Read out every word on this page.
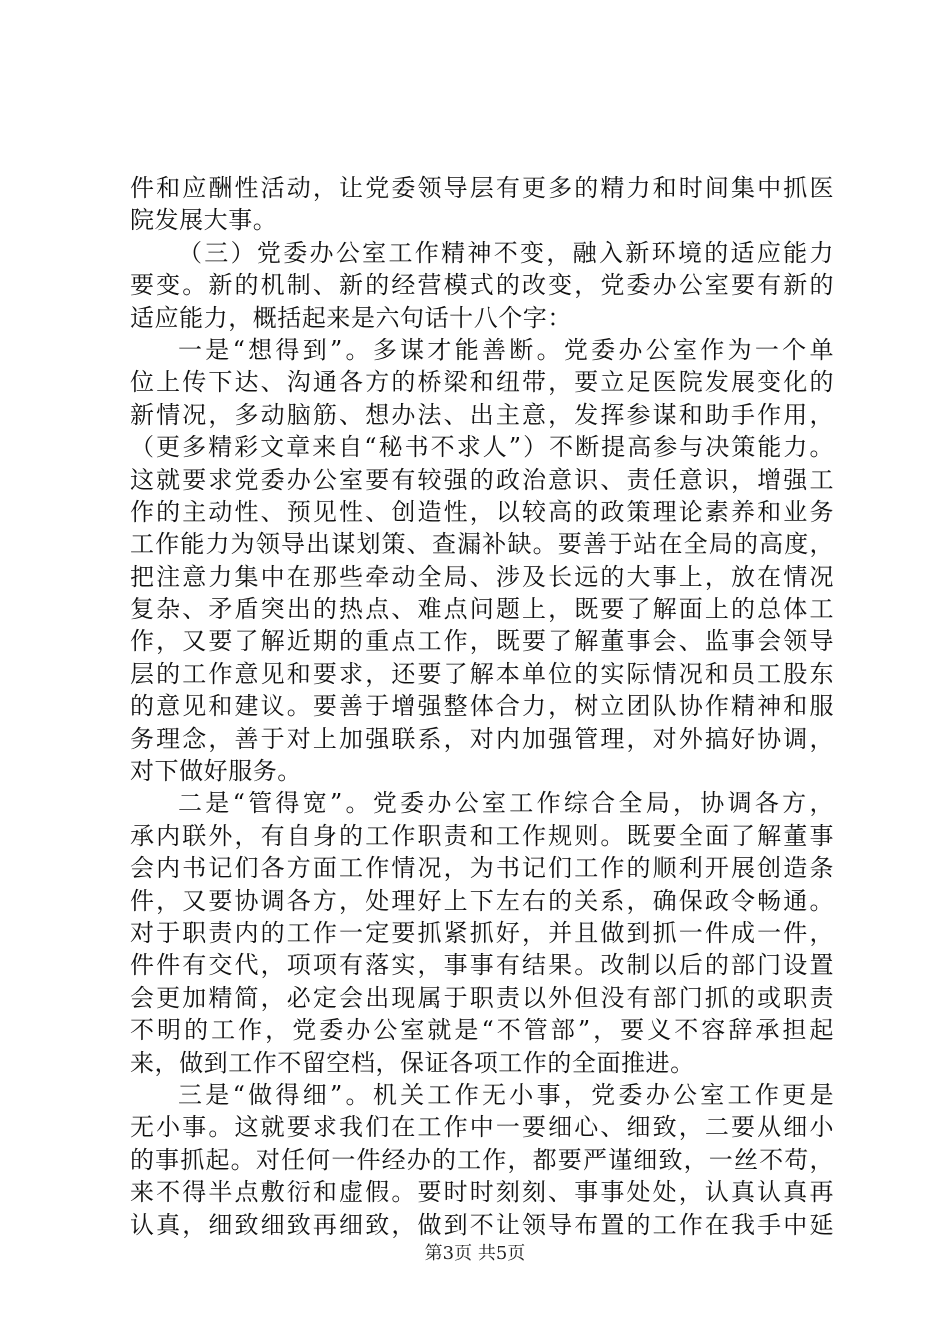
件和应酬性活动，让党委领导层有更多的精力和时间集中抓医
院发展大事。
（三）党委办公室工作精神不变，融入新环境的适应能力
要变。新的机制、新的经营模式的改变，党委办公室要有新的
适应能力，概括起来是六句话十八个字：
一是“想得到”。多谋才能善断。党委办公室作为一个单
位上传下达、沟通各方的桥梁和纽带，要立足医院发展变化的
新情况，多动脑筋、想办法、出主意，发挥参谋和助手作用，
（更多精彩文章来自“秘书不求人”）不断提高参与决策能力。
这就要求党委办公室要有较强的政治意识、责任意识，增强工
作的主动性、预见性、创造性，以较高的政策理论素养和业务
工作能力为领导出谋划策、查漏补缺。要善于站在全局的高度，
把注意力集中在那些牵动全局、涉及长远的大事上，放在情况
复杂、矛盾突出的热点、难点问题上，既要了解面上的总体工
作，又要了解近期的重点工作，既要了解董事会、监事会领导
层的工作意见和要求，还要了解本单位的实际情况和员工股东
的意见和建议。要善于增强整体合力，树立团队协作精神和服
务理念，善于对上加强联系，对内加强管理，对外搞好协调，
对下做好服务。
二是“管得宽”。党委办公室工作综合全局，协调各方，
承内联外，有自身的工作职责和工作规则。既要全面了解董事
会内书记们各方面工作情况，为书记们工作的顺利开展创造条
件，又要协调各方，处理好上下左右的关系，确保政令畅通。
对于职责内的工作一定要抓紧抓好，并且做到抓一件成一件，
件件有交代，项项有落实，事事有结果。改制以后的部门设置
会更加精简，必定会出现属于职责以外但没有部门抓的或职责
不明的工作，党委办公室就是“不管部”，要义不容辞承担起
来，做到工作不留空档，保证各项工作的全面推进。
三是“做得细”。机关工作无小事，党委办公室工作更是
无小事。这就要求我们在工作中一要细心、细致，二要从细小
的事抓起。对任何一件经办的工作，都要严谨细致，一丝不苟，
来不得半点敷衍和虚假。要时时刻刻、事事处处，认真认真再
认真，细致细致再细致，做到不让领导布置的工作在我手中延
第3页 共5页
